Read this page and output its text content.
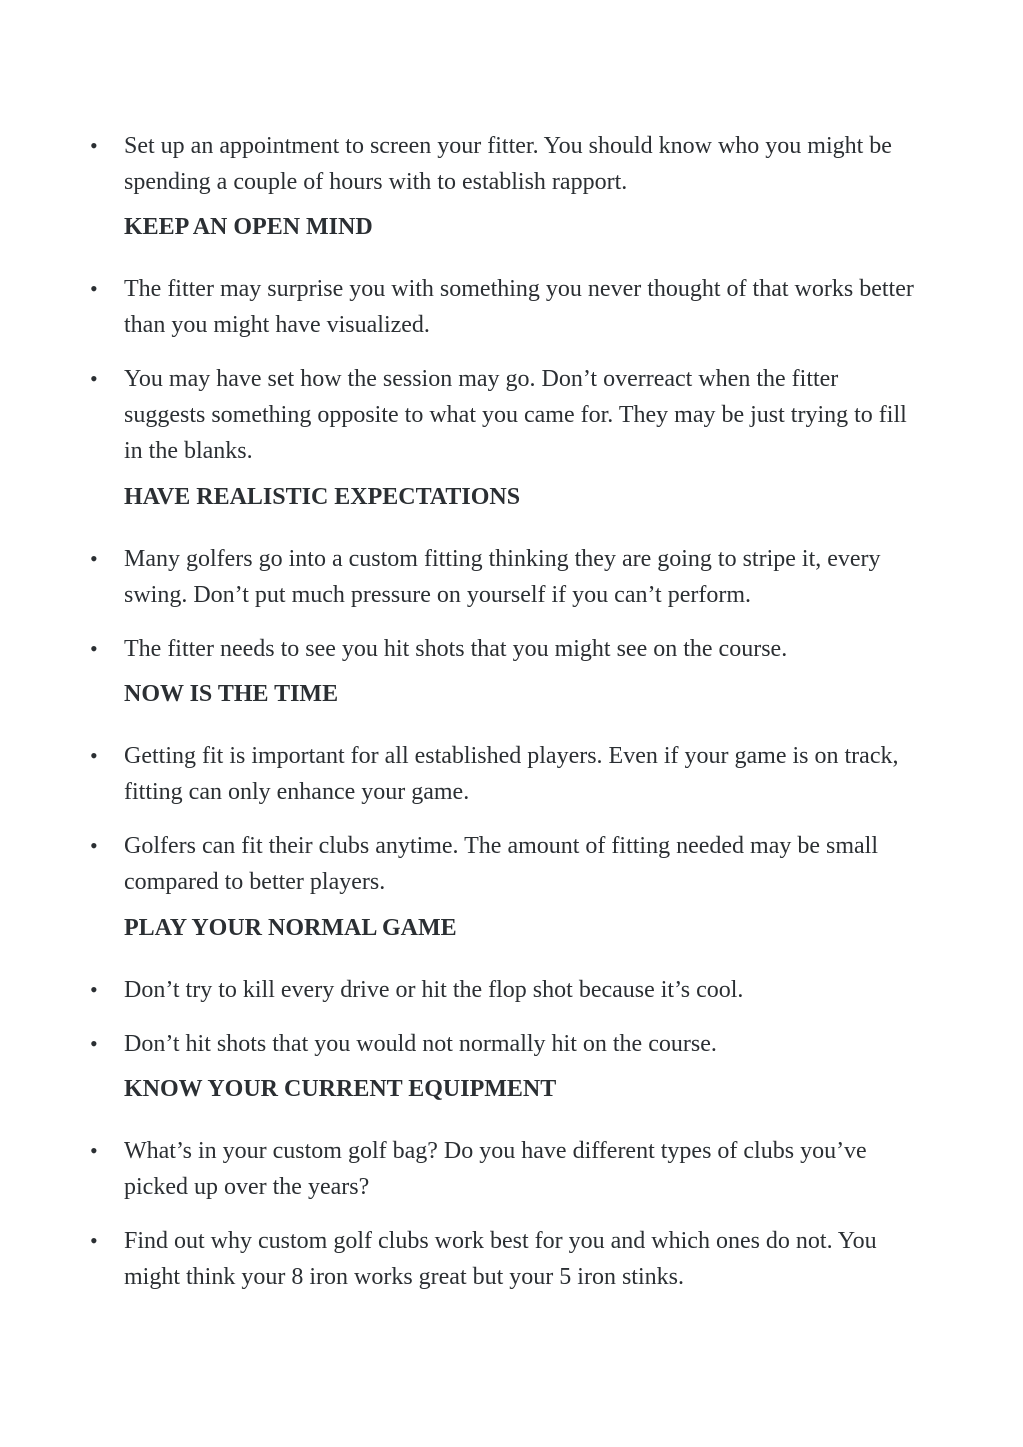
• Set up an appointment to screen your fitter. You should know who you might be spending a couple of hours with to establish rapport.
KEEP AN OPEN MIND
• The fitter may surprise you with something you never thought of that works better than you might have visualized.
• You may have set how the session may go. Don’t overreact when the fitter suggests something opposite to what you came for. They may be just trying to fill in the blanks.
HAVE REALISTIC EXPECTATIONS
• Many golfers go into a custom fitting thinking they are going to stripe it, every swing. Don’t put much pressure on yourself if you can’t perform.
• The fitter needs to see you hit shots that you might see on the course.
NOW IS THE TIME
• Getting fit is important for all established players. Even if your game is on track, fitting can only enhance your game.
• Golfers can fit their clubs anytime. The amount of fitting needed may be small compared to better players.
PLAY YOUR NORMAL GAME
• Don’t try to kill every drive or hit the flop shot because it’s cool.
• Don’t hit shots that you would not normally hit on the course.
KNOW YOUR CURRENT EQUIPMENT
• What’s in your custom golf bag? Do you have different types of clubs you’ve picked up over the years?
• Find out why custom golf clubs work best for you and which ones do not. You might think your 8 iron works great but your 5 iron stinks.
